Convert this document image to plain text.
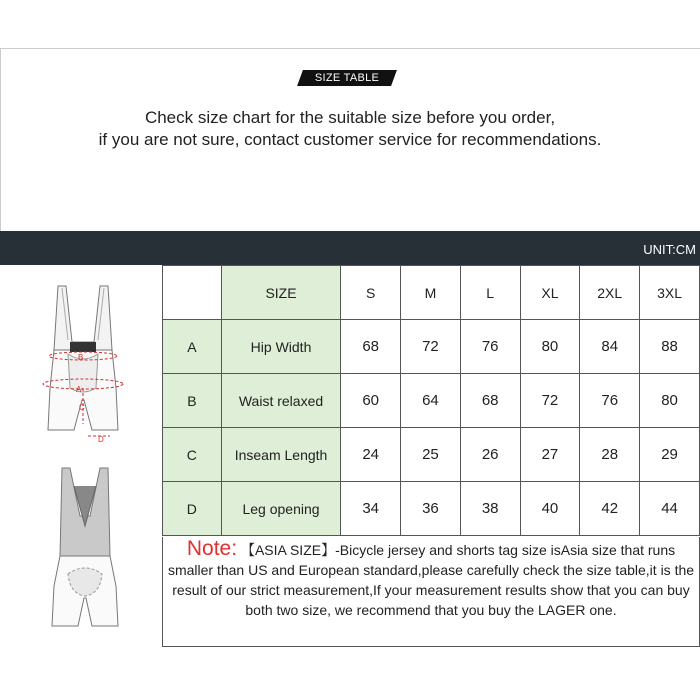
SIZE TABLE
Check size chart for the suitable size before you order,
if you are not sure, contact customer service for recommendations.
UNIT:CM
A
B
C
D
	SIZE	S	M	L	XL	2XL	3XL
A	Hip Width	68	72	76	80	84	88
B	Waist relaxed	60	64	68	72	76	80
C	Inseam Length	24	25	26	27	28	29
D	Leg opening	34	36	38	40	42	44
Note: 【ASIA SIZE】-Bicycle jersey and shorts tag size isAsia size that runs smaller than US and European standard,please carefully check the size table,it is the result of our strict measurement,If your measurement results show that you can buy both two size, we recommend that you buy the LAGER one.
